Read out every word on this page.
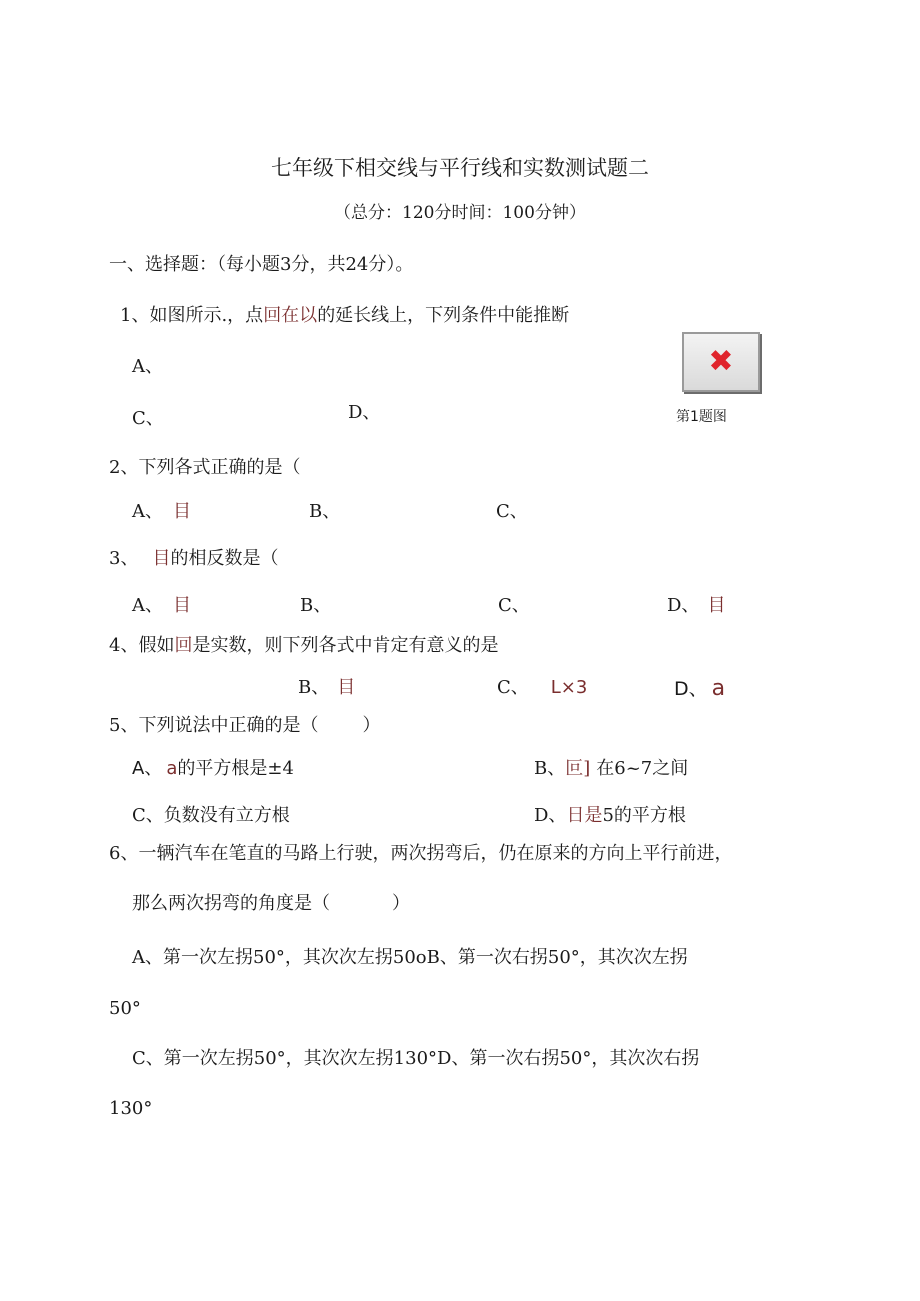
七年级下相交线与平行线和实数测试题二
（总分：120分时间：100分钟）
一、选择题：（每小题3分，共24分）。
1、如图所示.，点回在以的延长线上，下列条件中能推断
A、
C、	D、
✖
第1题图
2、下列各式正确的是（
A、 目	B、	C、
3、 目的相反数是（
A、 目	B、	C、	D、 目
4、假如回是实数，则下列各式中肯定有意义的是
B、 目	C、 L×3	D、 a
5、下列说法中正确的是（ ）
A、 a的平方根是±4	B、叵] 在6~7之间
C、负数没有立方根	D、日是5的平方根
6、一辆汽车在笔直的马路上行驶，两次拐弯后，仍在原来的方向上平行前进，
那么两次拐弯的角度是（	）
A、第一次左拐50°，其次次左拐50oB、第一次右拐50°，其次次左拐
50°
C、第一次左拐50°，其次次左拐130°D、第一次右拐50°，其次次右拐
130°
